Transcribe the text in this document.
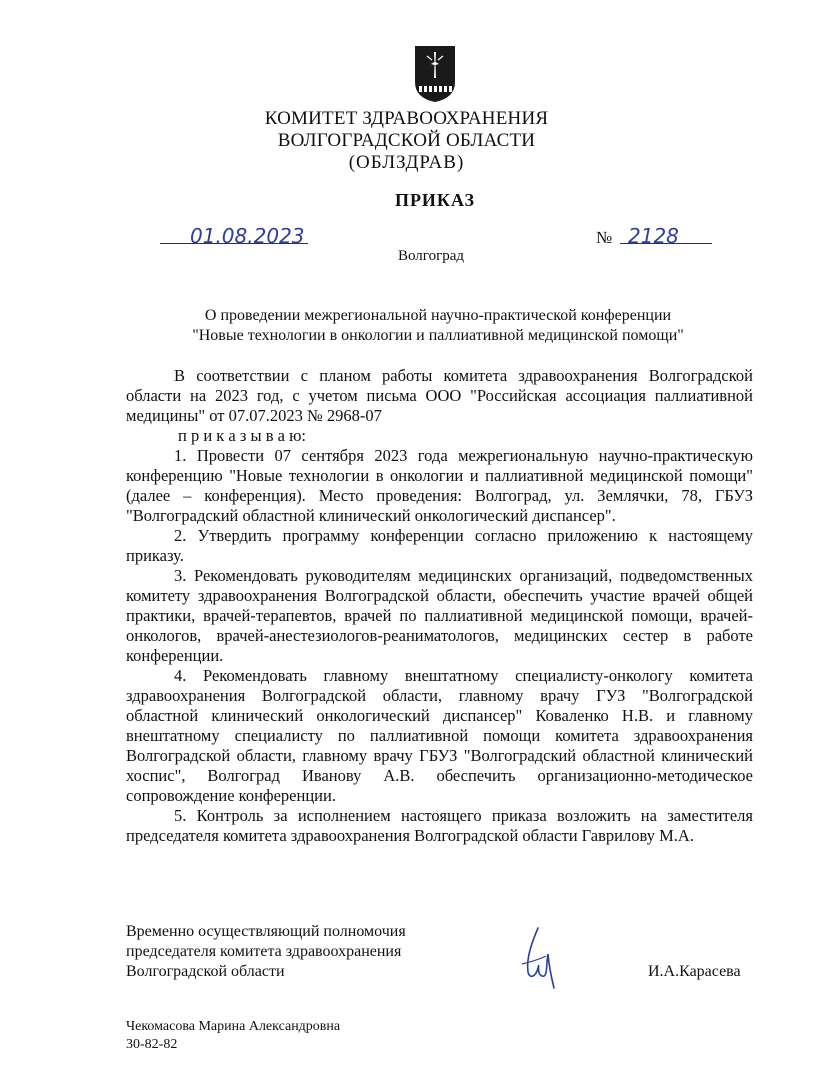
КОМИТЕТ ЗДРАВООХРАНЕНИЯ
ВОЛГОГРАДСКОЙ ОБЛАСТИ
(ОБЛЗДРАВ)
ПРИКАЗ
01.08.2023	№ 2128
Волгоград
О проведении межрегиональной научно-практической конференции
"Новые технологии в онкологии и паллиативной медицинской помощи"

В соответствии с планом работы комитета здравоохранения Волгоградской области на 2023 год, с учетом письма ООО "Российская ассоциация паллиативной медицины" от 07.07.2023 № 2968-07

п р и к а з ы в а ю:

1. Провести 07 сентября 2023 года межрегиональную научно-практическую конференцию "Новые технологии в онкологии и паллиативной медицинской помощи" (далее – конференция). Место проведения: Волгоград, ул. Землячки, 78, ГБУЗ "Волгоградский областной клинический онкологический диспансер".

2. Утвердить программу конференции согласно приложению к настоящему приказу.

3. Рекомендовать руководителям медицинских организаций, подведомственных комитету здравоохранения Волгоградской области, обеспечить участие врачей общей практики, врачей-терапевтов, врачей по паллиативной медицинской помощи, врачей-онкологов, врачей-анестезиологов-реаниматологов, медицинских сестер в работе конференции.

4. Рекомендовать главному внештатному специалисту-онкологу комитета здравоохранения Волгоградской области, главному врачу ГУЗ "Волгоградской областной клинический онкологический диспансер" Коваленко Н.В. и главному внештатному специалисту по паллиативной помощи комитета здравоохранения Волгоградской области, главному врачу ГБУЗ "Волгоградский областной клинический хоспис", Волгоград Иванову А.В. обеспечить организационно-методическое сопровождение конференции.

5. Контроль за исполнением настоящего приказа возложить на заместителя председателя комитета здравоохранения Волгоградской области Гаврилову М.А.

Временно осуществляющий полномочия
председателя комитета здравоохранения
Волгоградской области	И.А.Карасева
Чекомасова Марина Александровна
30-82-82
